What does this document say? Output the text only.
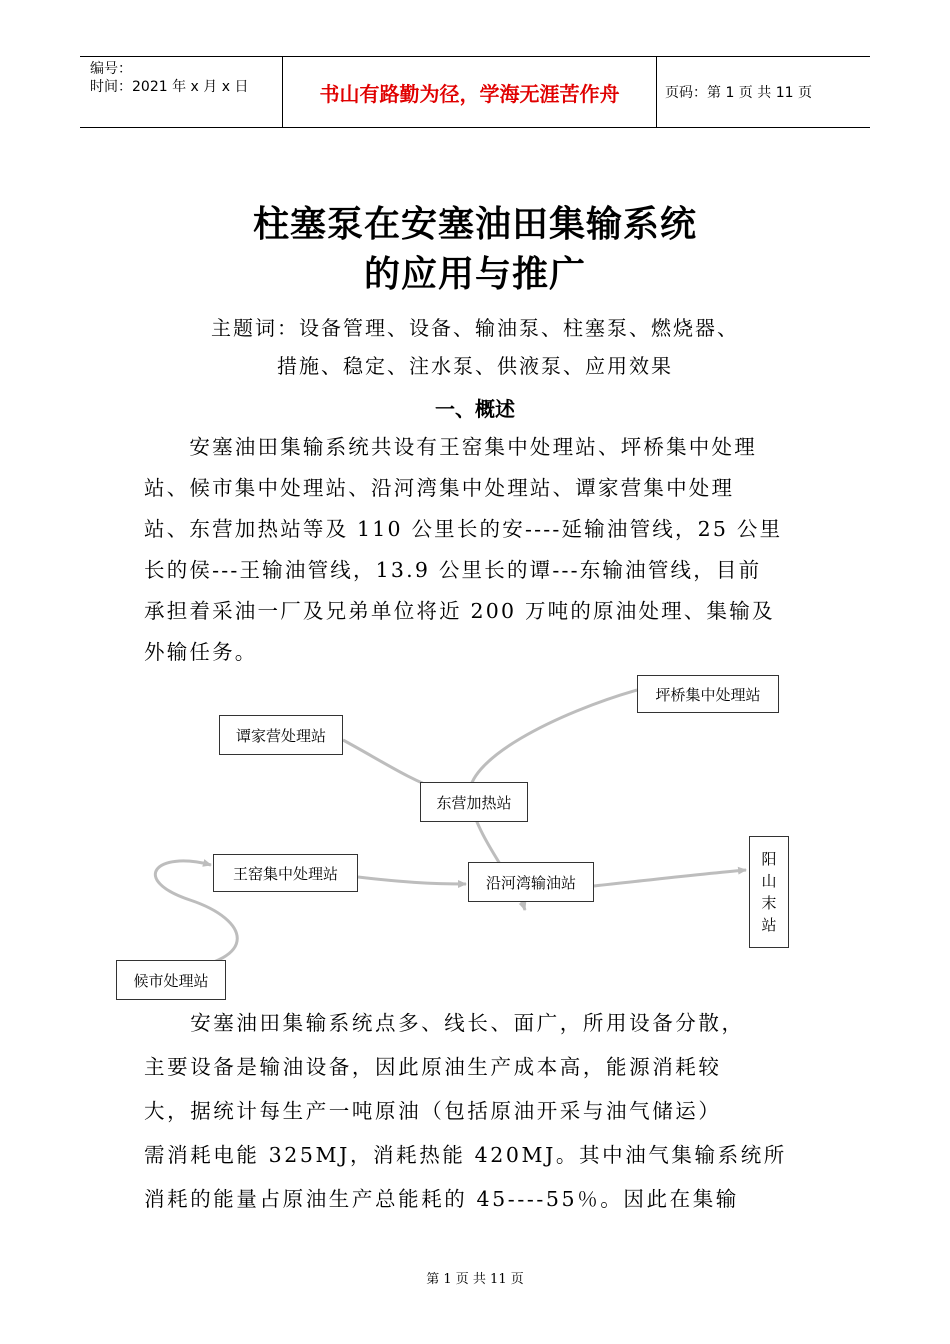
编号：
时间：2021 年 x 月 x 日	书山有路勤为径，学海无涯苦作舟	页码：第 1 页 共 11 页
柱塞泵在安塞油田集输系统
的应用与推广
主题词：设备管理、设备、输油泵、柱塞泵、燃烧器、
措施、稳定、注水泵、供液泵、应用效果
一、概述
　　安塞油田集输系统共设有王窑集中处理站、坪桥集中处理
站、候市集中处理站、沿河湾集中处理站、谭家营集中处理
站、东营加热站等及 110 公里长的安----延输油管线，25 公里
长的侯---王输油管线，13.9 公里长的谭---东输油管线，目前
承担着采油一厂及兄弟单位将近 200 万吨的原油处理、集输及
外输任务。
坪桥集中处理站
谭家营处理站
东营加热站
王窑集中处理站	沿河湾输油站
阳
山
末
站
候市处理站
　　安塞油田集输系统点多、线长、面广，所用设备分散，
主要设备是输油设备，因此原油生产成本高，能源消耗较
大，据统计每生产一吨原油（包括原油开采与油气储运）
需消耗电能 325MJ，消耗热能 420MJ。其中油气集输系统所
消耗的能量占原油生产总能耗的 45----55％。因此在集输
第 1 页 共 11 页
